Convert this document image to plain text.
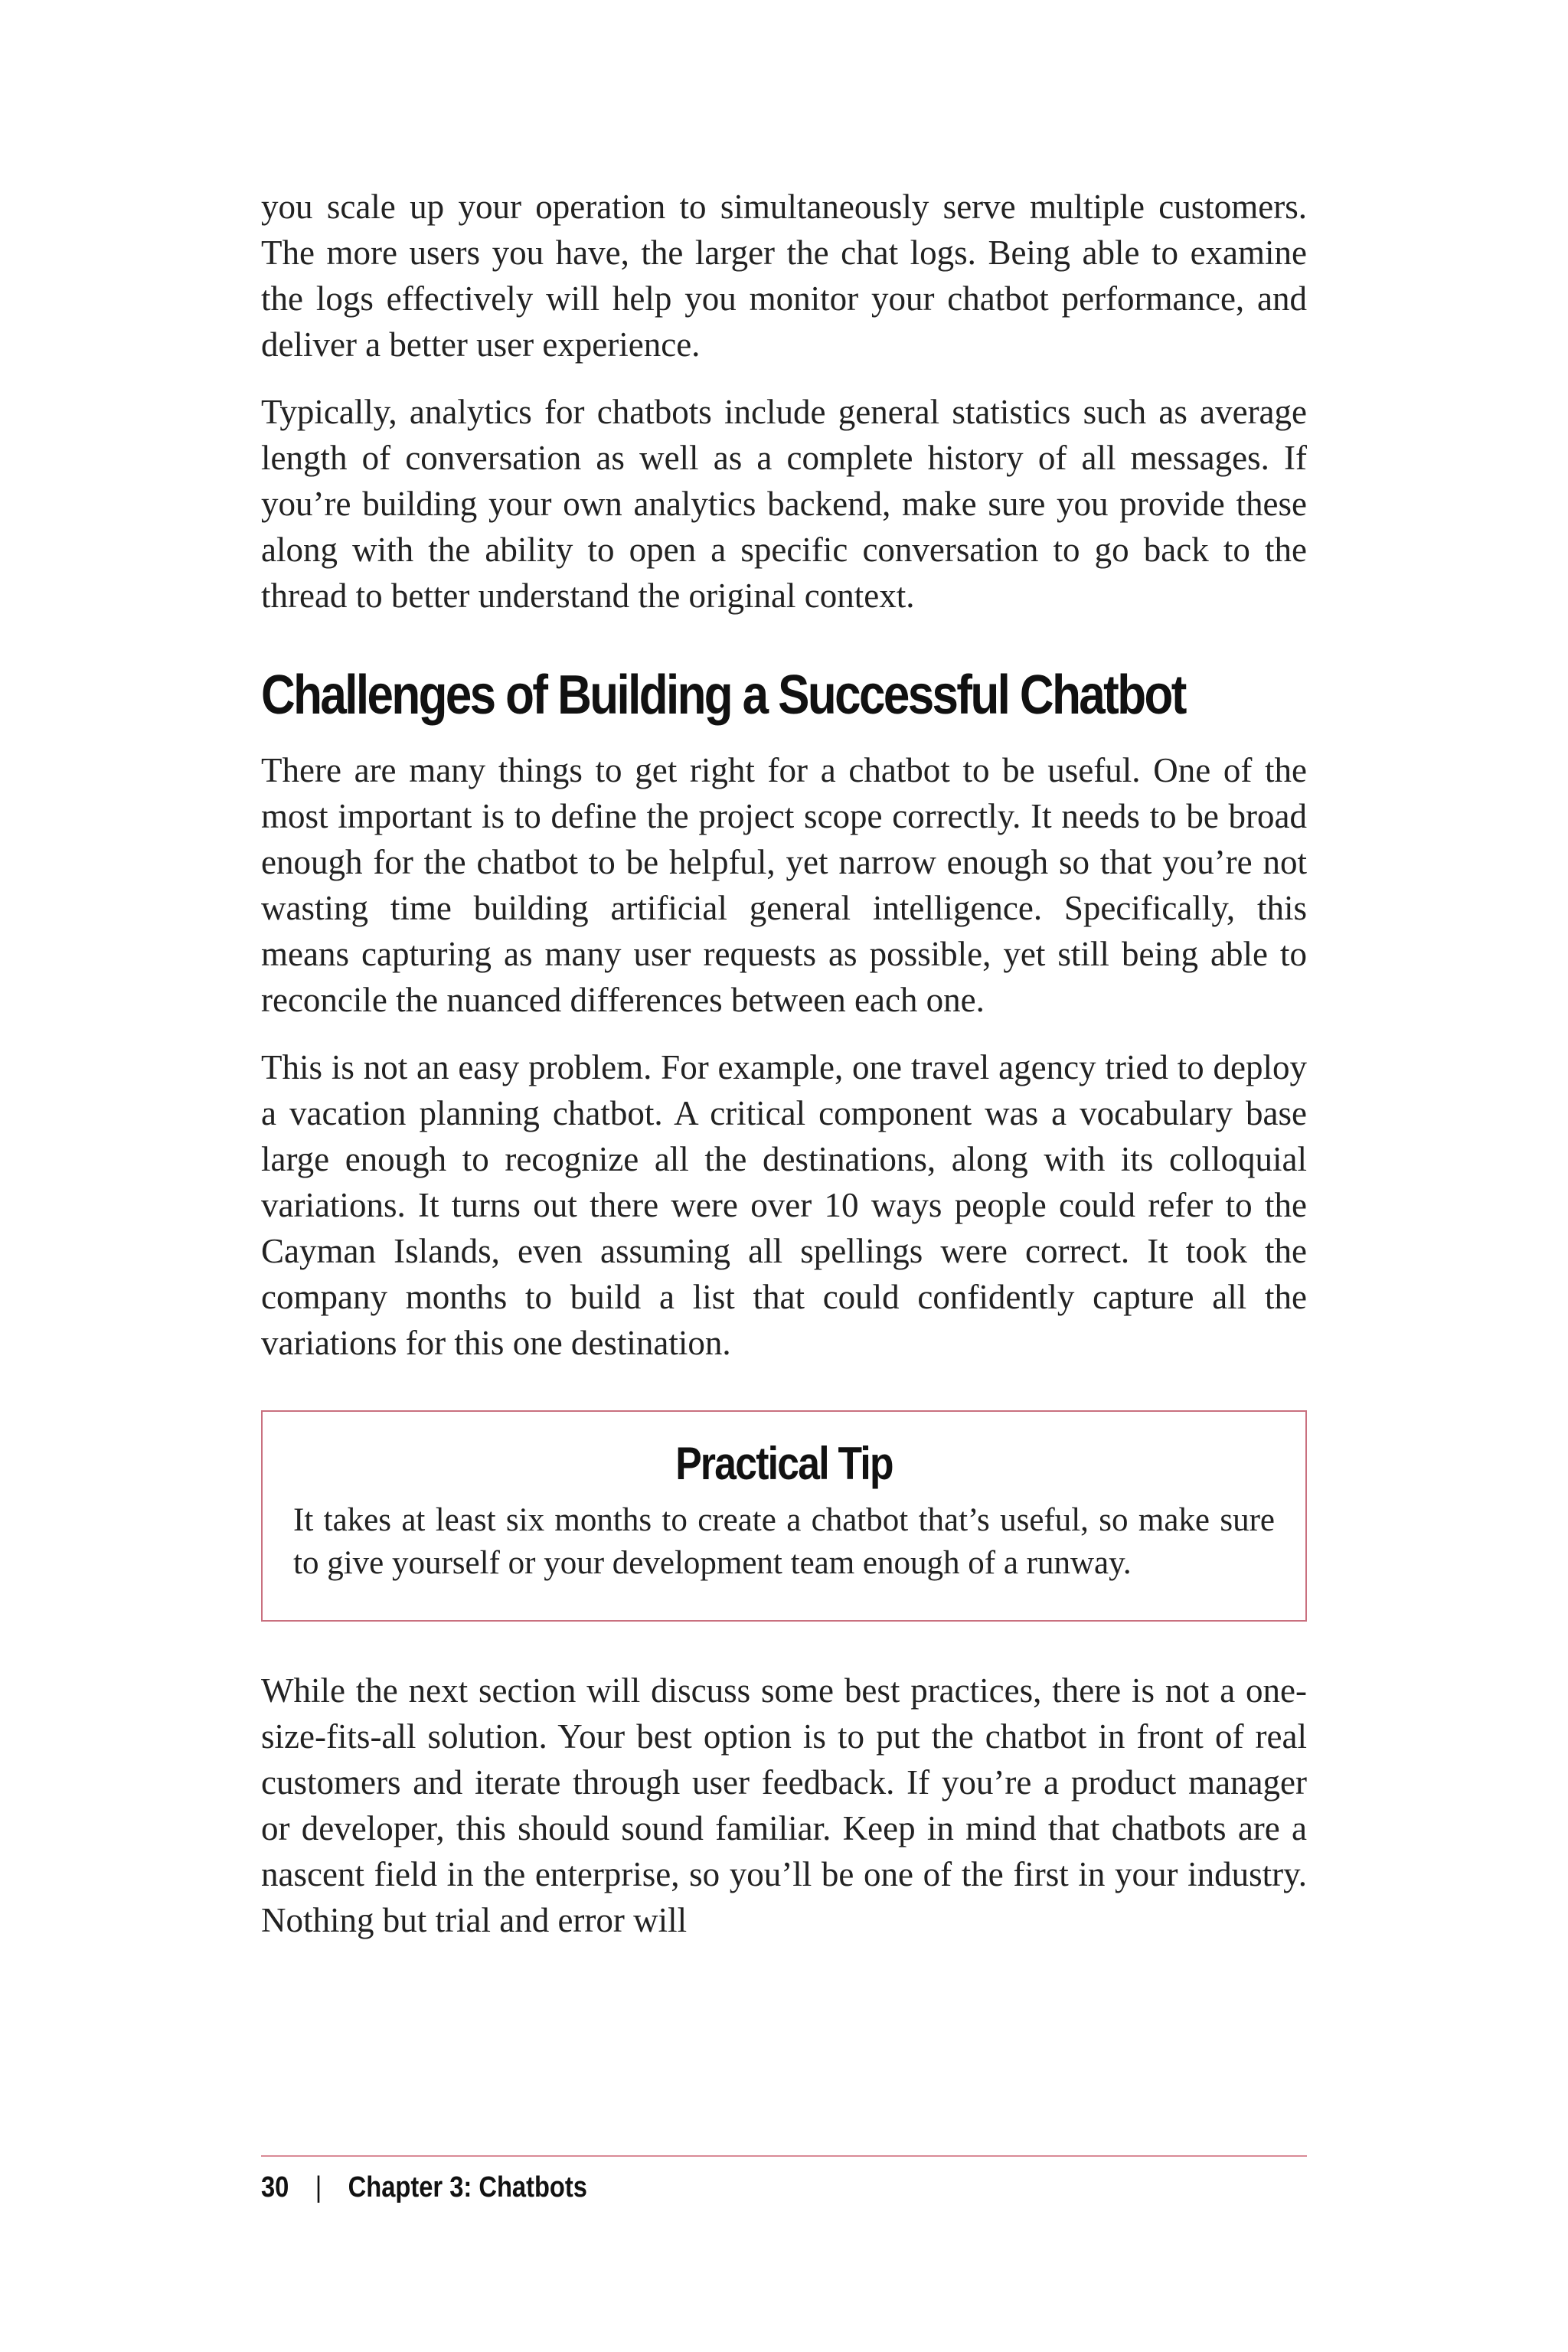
you scale up your operation to simultaneously serve multiple customers. The more users you have, the larger the chat logs. Being able to examine the logs effectively will help you monitor your chatbot performance, and deliver a better user experience.

Typically, analytics for chatbots include general statistics such as average length of conversation as well as a complete history of all messages. If you’re building your own analytics backend, make sure you provide these along with the ability to open a specific conversation to go back to the thread to better understand the original context.

Challenges of Building a Successful Chatbot

There are many things to get right for a chatbot to be useful. One of the most important is to define the project scope correctly. It needs to be broad enough for the chatbot to be helpful, yet narrow enough so that you’re not wasting time building artificial general intelligence. Specifically, this means capturing as many user requests as possible, yet still being able to reconcile the nuanced differences between each one.

This is not an easy problem. For example, one travel agency tried to deploy a vacation planning chatbot. A critical component was a vocabulary base large enough to recognize all the destinations, along with its colloquial variations. It turns out there were over 10 ways people could refer to the Cayman Islands, even assuming all spellings were correct. It took the company months to build a list that could confidently capture all the variations for this one destination.

Practical Tip

It takes at least six months to create a chatbot that’s useful, so make sure to give yourself or your development team enough of a runway.

While the next section will discuss some best practices, there is not a one-size-fits-all solution. Your best option is to put the chatbot in front of real customers and iterate through user feedback. If you’re a product manager or developer, this should sound familiar. Keep in mind that chatbots are a nascent field in the enterprise, so you’ll be one of the first in your industry. Nothing but trial and error will

30 | Chapter 3: Chatbots
